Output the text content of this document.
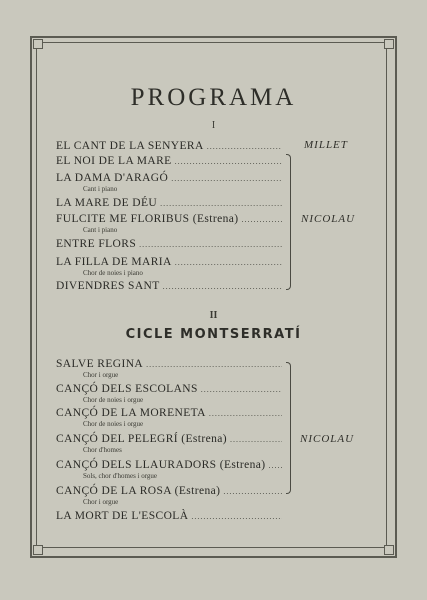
PROGRAMA
I
EL CANT DE LA SENYERA
.....
EL NOI DE LA MARE
.....
LA DAMA D'ARAGÓ
.....
Cant i piano
LA MARE DE DÉU
.....
FULCITE ME FLORIBUS (Estrena)
.....
Cant i piano
ENTRE FLORS
.....
LA FILLA DE MARIA
.....
Chor de noies i piano
DIVENDRES SANT
.....
MILLET
NICOLAU
II
CICLE MONTSERRATÍ
SALVE REGINA
.....
Chor i orgue
CANÇÓ DELS ESCOLANS
.....
Chor de noies i orgue
CANÇÓ DE LA MORENETA
.....
Chor de noies i orgue
CANÇÓ DEL PELEGRÍ (Estrena)
.....
Chor d'homes
CANÇÓ DELS LLAURADORS (Estrena)
.....
Sols, chor d'homes i orgue
CANÇÓ DE LA ROSA (Estrena)
.....
Chor i orgue
LA MORT DE L'ESCOLÀ
.....
NICOLAU
